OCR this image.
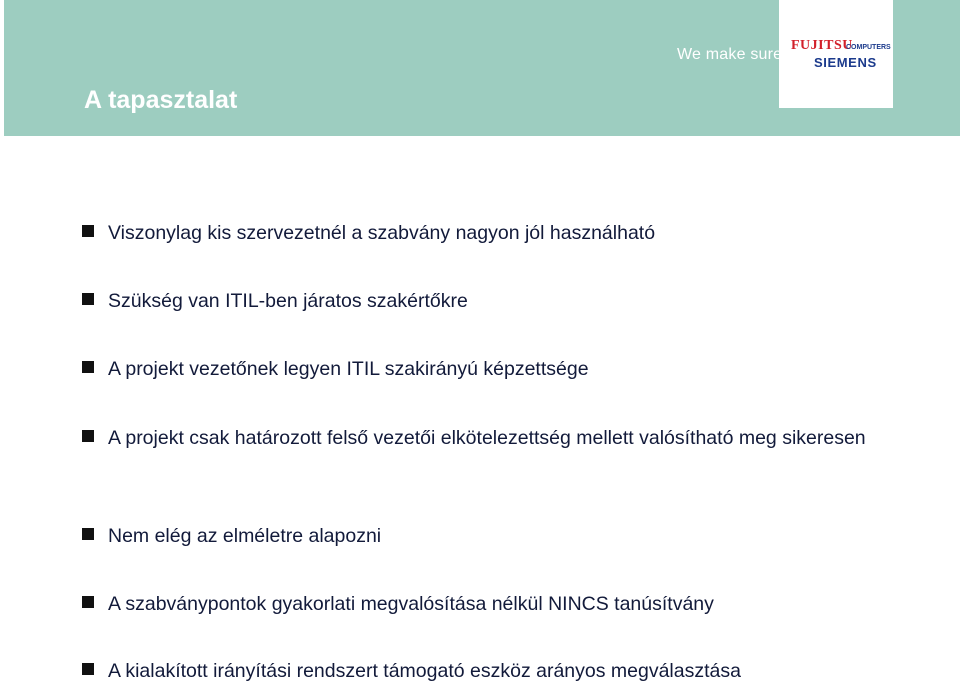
A tapasztalat
We make sure
FUJITSU
COMPUTERS
SIEMENS
Viszonylag kis szervezetnél a szabvány nagyon jól használható
Szükség van ITIL-ben járatos szakértőkre
A projekt vezetőnek legyen ITIL szakirányú képzettsége
A projekt csak határozott felső vezetői elkötelezettség mellett valósítható meg sikeresen
Nem elég az elméletre alapozni
A szabványpontok gyakorlati megvalósítása nélkül NINCS tanúsítvány
A kialakított irányítási rendszert támogató eszköz arányos megválasztása
